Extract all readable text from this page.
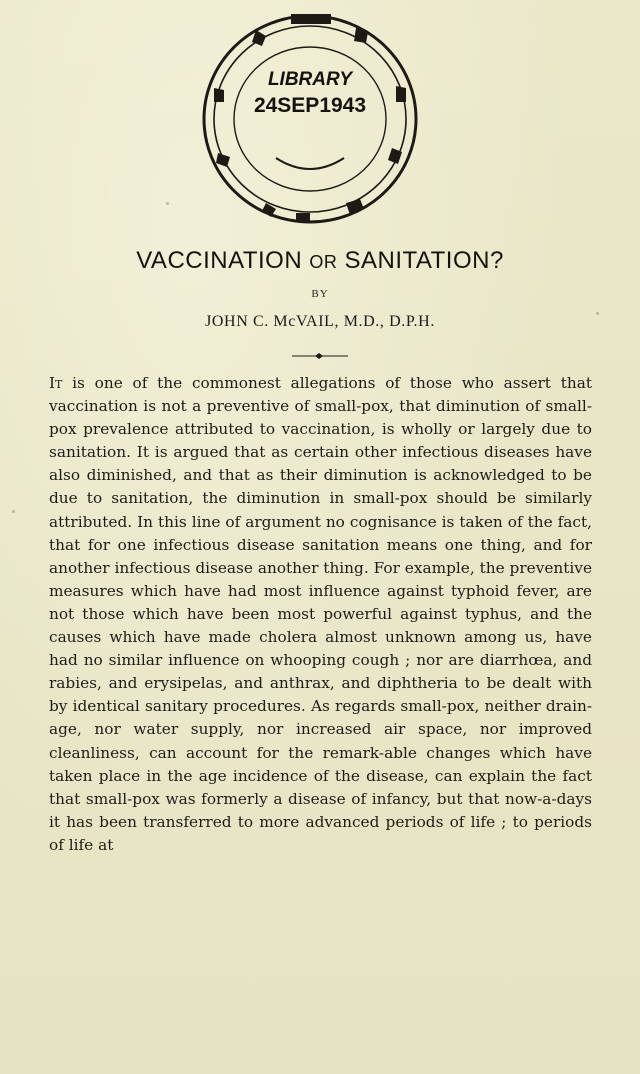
LIBRARY
24SEP1943
VACCINATION OR SANITATION?
BY
JOHN C. McVAIL, M.D., D.P.H.

It is one of the commonest allegations of those who assert that vaccination is not a preventive of small-pox, that diminution of small-pox prevalence attributed to vaccination, is wholly or largely due to sanitation. It is argued that as certain other infectious diseases have also diminished, and that as their diminution is acknowledged to be due to sanitation, the diminution in small-pox should be similarly attributed. In this line of argument no cognisance is taken of the fact, that for one infectious disease sanitation means one thing, and for another infectious disease another thing. For example, the preventive measures which have had most influence against typhoid fever, are not those which have been most powerful against typhus, and the causes which have made cholera almost unknown among us, have had no similar influence on whooping cough ; nor are diarrhœa, and rabies, and erysipelas, and anthrax, and diphtheria to be dealt with by identical sanitary procedures. As regards small-pox, neither drain-age, nor water supply, nor increased air space, nor improved cleanliness, can account for the remark-able changes which have taken place in the age incidence of the disease, can explain the fact that small-pox was formerly a disease of infancy, but that now-a-days it has been transferred to more advanced periods of life ; to periods of life at
